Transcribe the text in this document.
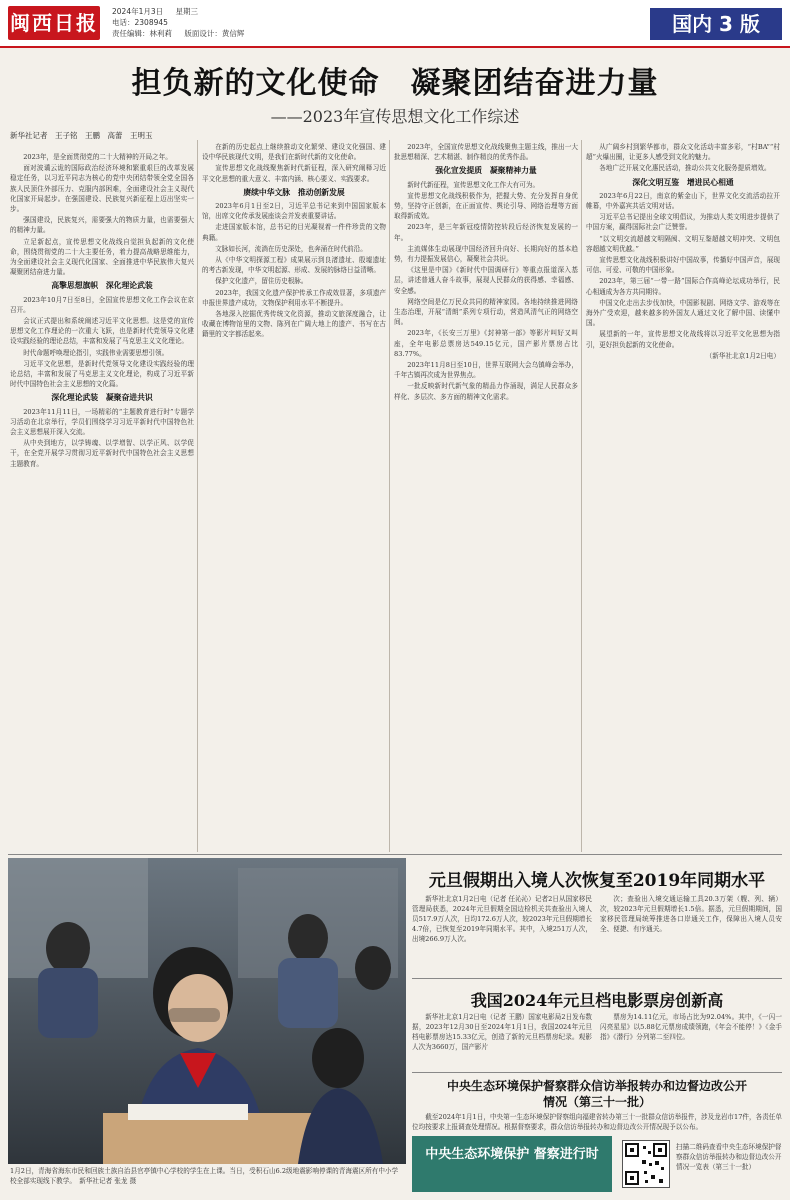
闽西日报 2024年1月3日 星期三
电话：2308945
责任编辑：林利莉 版面设计：黄信辉	国内 3 版
担负新的文化使命　凝聚团结奋进力量
——2023年宣传思想文化工作综述
新华社记者　王子铭　王鹏　高蕾　王明玉

2023年，是全面贯彻党的二十大精神的开局之年。

面对波谲云诡的国际政治经济环境和繁重艰巨的改革发展稳定任务，以习近平同志为核心的党中央团结带领全党全国各族人民顶住外部压力、克服内部困难，全面建设社会主义现代化国家开局起步。在强国建设、民族复兴新征程上迈出坚实一步。

强国建设，民族复兴，需要强大的物质力量，也需要强大的精神力量。

立足新起点，宣传思想文化战线自觉担负起新的文化使命，围绕贯彻党的二十大主要任务，着力提高战略思维能力，为全面建设社会主义现代化国家、全面推进中华民族伟大复兴凝聚团结奋进力量。

高擎思想旗帜　深化理论武装

2023年10月7日至8日，全国宣传思想文化工作会议在京召开。

会议正式提出和系统阐述习近平文化思想。这是党的宣传思想文化工作理论的一次重大飞跃，也是新时代党领导文化建设实践经验的理论总结，丰富和发展了马克思主义文化理论。

时代命题呼唤理论指引，实践伟业需要思想引领。

习近平文化思想，是新时代党领导文化建设实践经验的理论总结，丰富和发展了马克思主义文化理论，构成了习近平新时代中国特色社会主义思想的文化篇。

深化理论武装　凝聚奋进共识

2023年11月11日，一场精彩的“主题教育进行时”专题学习活动在北京举行，学员们围绕学习习近平新时代中国特色社会主义思想展开深入交流。

从中央到地方，以学铸魂、以学增智、以学正风、以学促干，在全党开展学习贯彻习近平新时代中国特色社会主义思想主题教育。

在新的历史起点上继续推动文化繁荣、建设文化强国、建设中华民族现代文明，是我们在新时代新的文化使命。

宣传思想文化战线聚焦新时代新征程，深入研究阐释习近平文化思想的重大意义、丰富内涵、核心要义、实践要求。

赓续中华文脉　推动创新发展

2023年6月1日至2日，习近平总书记来到中国国家版本馆，出席文化传承发展座谈会并发表重要讲话。

走进国家版本馆，总书记的目光凝视着一件件珍贵的文物典籍。

文脉如长河，流淌在历史深处，也奔涌在时代前沿。

从《中华文明探源工程》成果展示到良渚遗址、殷墟遗址的考古新发现，中华文明起源、形成、发展的脉络日益清晰。

保护文化遗产，留住历史根脉。

2023年，我国文化遗产保护传承工作成效显著，多项遗产申报世界遗产成功，文物保护利用水平不断提升。

各地深入挖掘优秀传统文化资源，推动文旅深度融合，让收藏在博物馆里的文物、陈列在广阔大地上的遗产、书写在古籍里的文字都活起来。

2023年，全国宣传思想文化战线聚焦主题主线，推出一大批思想精深、艺术精湛、制作精良的优秀作品。

强化宣发提质　凝聚精神力量

新时代新征程，宣传思想文化工作大有可为。

宣传思想文化战线积极作为，把握大势、充分发挥自身优势，坚持守正创新，在正面宣传、舆论引导、网络治理等方面取得新成效。

2023年，是三年新冠疫情防控转段后经济恢复发展的一年。

主流媒体生动展现中国经济回升向好、长期向好的基本趋势，有力提振发展信心，凝聚社会共识。

《这里是中国》《新时代中国调研行》等重点报道深入基层，讲述普通人奋斗故事，展现人民群众的获得感、幸福感、安全感。

网络空间是亿万民众共同的精神家园。各地持续推进网络生态治理，开展“清朗”系列专项行动，营造风清气正的网络空间。

2023年，《长安三万里》《封神第一部》等影片叫好又叫座，全年电影总票房达549.15亿元，国产影片票房占比83.77%。

2023年11月8日至10日，世界互联网大会乌镇峰会举办，千年古镇再次成为世界焦点。

一批反映新时代新气象的精品力作涌现，满足人民群众多样化、多层次、多方面的精神文化需求。

从广阔乡村到繁华都市，群众文化活动丰富多彩，“村BA”“村超”火爆出圈，让更多人感受到文化的魅力。

各地广泛开展文化惠民活动，推动公共文化服务提质增效。

深化文明互鉴　增进民心相通

2023年6月22日，南京的紫金山下，世界文化交流活动拉开帷幕，中外嘉宾共话文明对话。

习近平总书记提出全球文明倡议，为推动人类文明进步提供了中国方案，赢得国际社会广泛赞誉。

“以文明交流超越文明隔阂、文明互鉴超越文明冲突、文明包容超越文明优越。”

宣传思想文化战线积极讲好中国故事，传播好中国声音，展现可信、可爱、可敬的中国形象。

2023年，第三届“一带一路”国际合作高峰论坛成功举行，民心相通成为各方共同期待。

中国文化走出去步伐加快，中国影视剧、网络文学、游戏等在海外广受欢迎，越来越多的外国友人通过文化了解中国、读懂中国。

展望新的一年，宣传思想文化战线将以习近平文化思想为指引，更好担负起新的文化使命。

（新华社北京1月2日电）

1月2日，青海省海东市民和回族土族自治县官亭镇中心学校的学生在上课。当日，受积石山6.2级地震影响停课的青海震区所有中小学校全部实现线下教学。　新华社记者 张龙 摄
元旦假期出入境人次恢复至2019年同期水平

新华社北京1月2日电（记者 任沁沁）记者2日从国家移民管理局获悉，2024年元旦假期全国边检机关共查验出入境人员517.9万人次，日均172.6万人次，较2023年元旦假期增长4.7倍，已恢复至2019年同期水平。其中，入境251万人次，出境266.9万人次。

次；查验出入境交通运输工具20.3万架（艘、列、辆）次，较2023年元旦假期增长1.5倍。据悉，元旦假期期间，国家移民管理局统筹推进各口岸通关工作，保障出入境人员安全、便捷、有序通关。

我国2024年元旦档电影票房创新高

新华社北京1月2日电（记者 王鹏）国家电影局2日发布数据，2023年12月30日至2024年1月1日，我国2024年元旦档电影票房达15.33亿元，创造了新的元旦档票房纪录。观影人次为3660万，国产影片

票房为14.11亿元，市场占比为92.04%。其中，《一闪一闪亮星星》以5.88亿元票房成绩领跑，《年会不能停！》《金手指》《潜行》分列第二至四位。

中央生态环境保护督察群众信访举报转办和边督边改公开情况（第三十一批）

截至2024年1月1日，中央第一生态环境保护督察组向福建省转办第三十一批群众信访举报件，涉及龙岩市17件，各责任单位均按要求上报调查处理情况。根据督察要求，群众信访举报转办和边督边改公开情况现予以公布。

中央生态环境保护 督察进行时	扫描二维码查看中央生态环境保护督察群众信访举报转办和边督边改公开情况一览表（第三十一批）
